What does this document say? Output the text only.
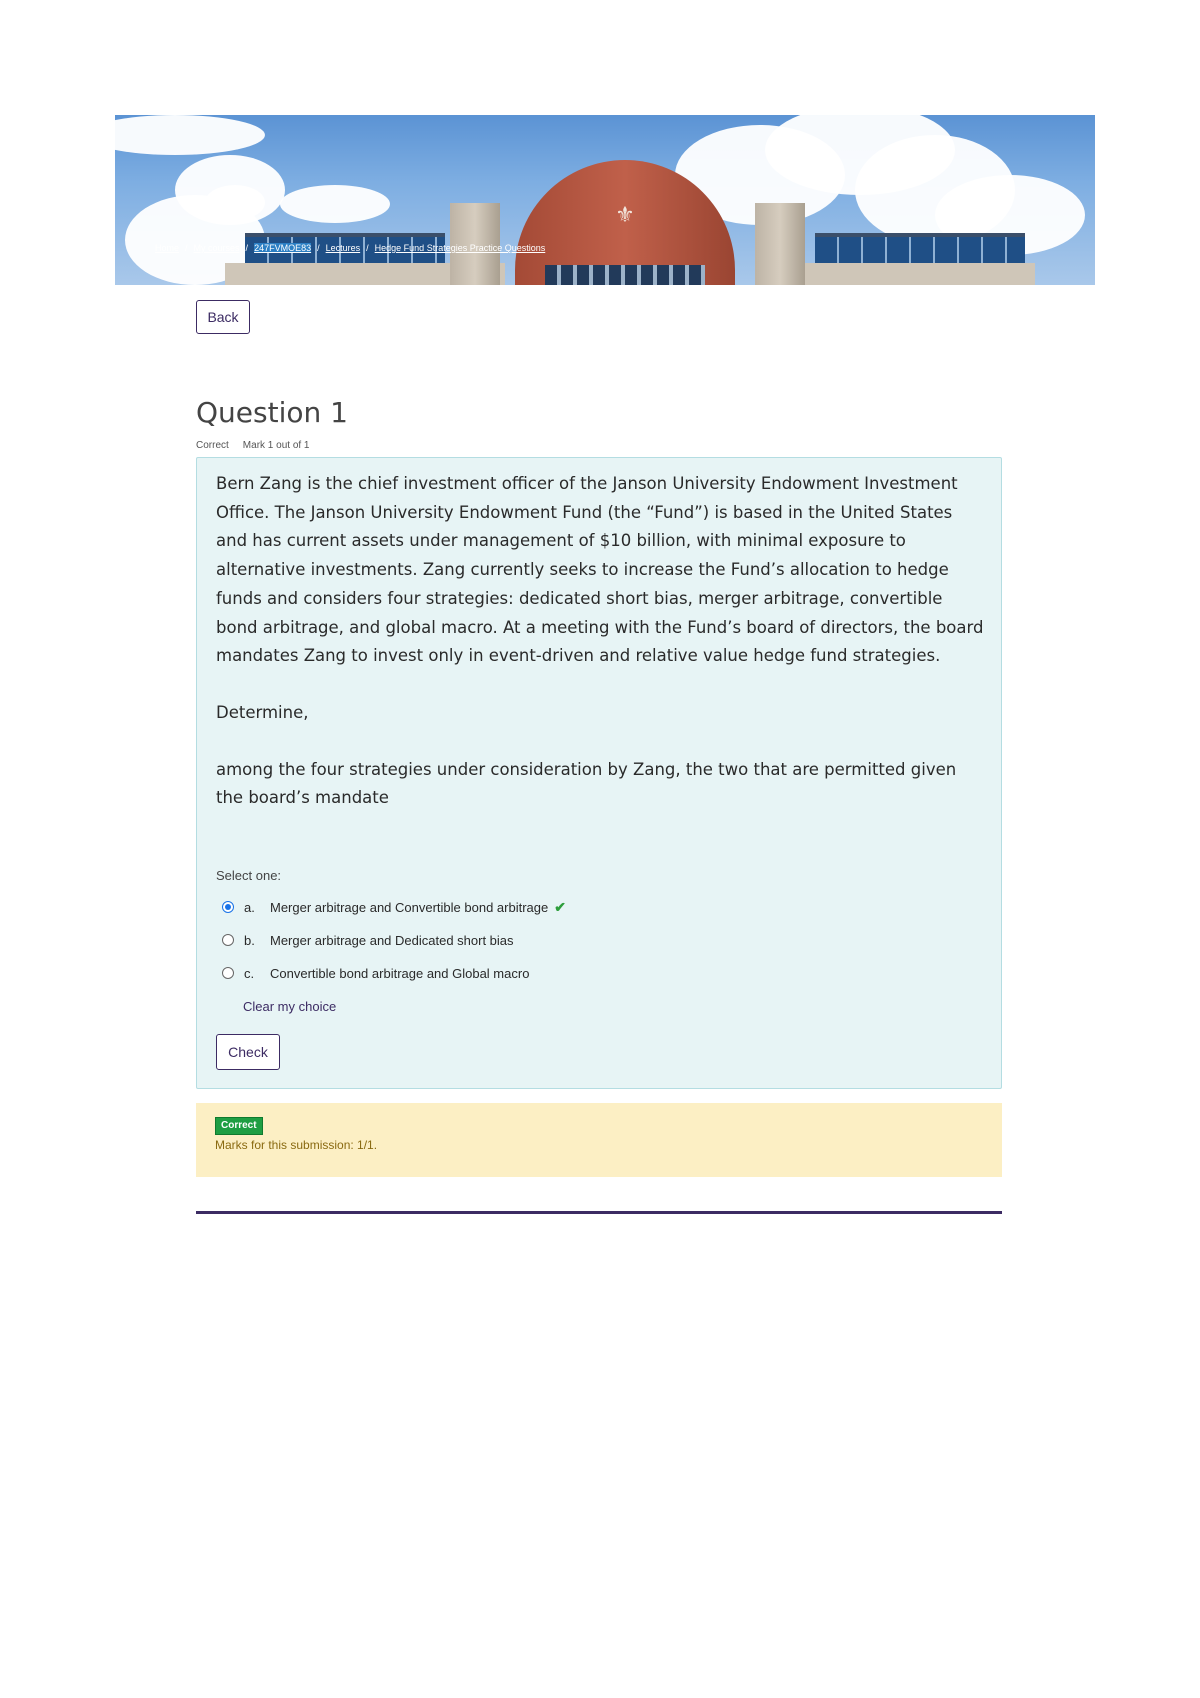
⚜
Home / My courses / 247FVMOE83 / Lectures / Hedge Fund Strategies Practice Questions
Back
Question 1
Correct Mark 1 out of 1

Bern Zang is the chief investment officer of the Janson University Endowment Investment Office. The Janson University Endowment Fund (the “Fund”) is based in the United States and has current assets under management of $10 billion, with minimal exposure to alternative investments. Zang currently seeks to increase the Fund’s allocation to hedge funds and considers four strategies: dedicated short bias, merger arbitrage, convertible bond arbitrage, and global macro. At a meeting with the Fund’s board of directors, the board mandates Zang to invest only in event-driven and relative value hedge fund strategies.

Determine,

among the four strategies under consideration by Zang, the two that are permitted given the board’s mandate

Select one:
a.	Merger arbitrage and Convertible bond arbitrage ✔
b.	Merger arbitrage and Dedicated short bias
c.	Convertible bond arbitrage and Global macro
Clear my choice
Check
Correct
Marks for this submission: 1/1.
